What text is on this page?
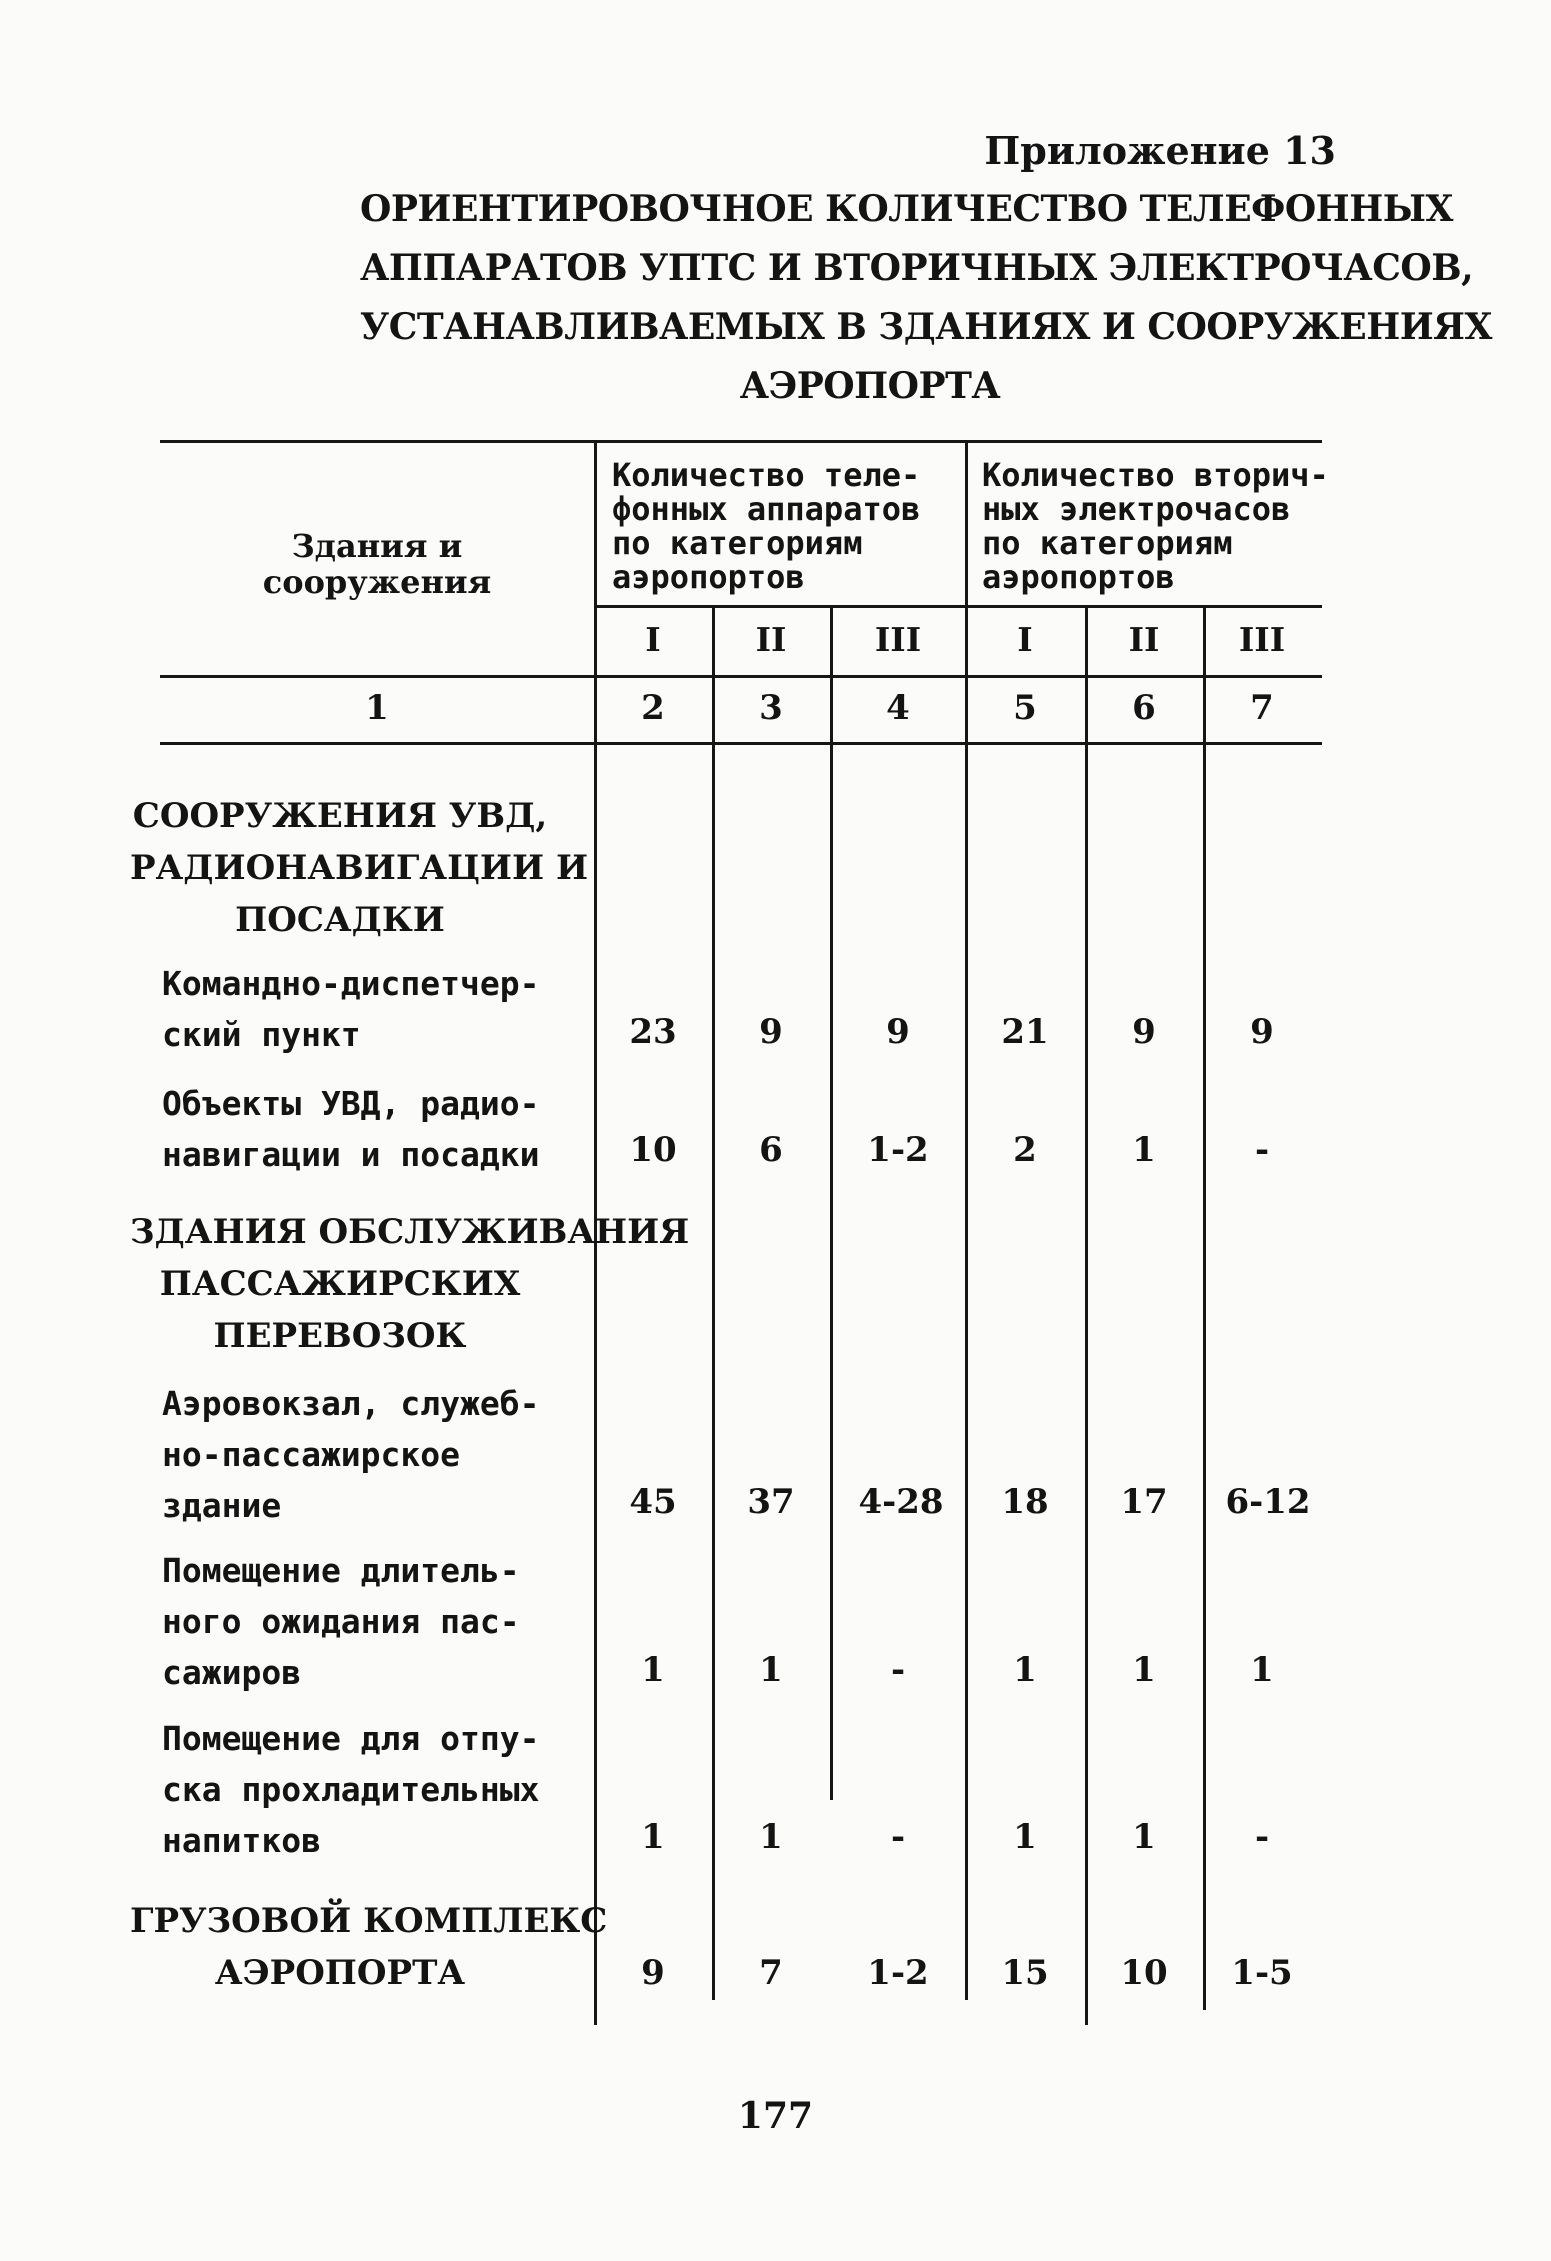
Приложение 13
ОРИЕНТИРОВОЧНОЕ КОЛИЧЕСТВО ТЕЛЕФОННЫХ
АППАРАТОВ УПТС И ВТОРИЧНЫХ ЭЛЕКТРОЧАСОВ,
УСТАНАВЛИВАЕМЫХ В ЗДАНИЯХ И СООРУЖЕНИЯХ
АЭРОПОРТА
Здания и
сооружения
Количество теле-
фонных аппаратов
по категориям
аэропортов
Количество вторич-
ных электрочасов
по категориям
аэропортов
I	II	III	I	II	III
1	2	3	4	5	6	7
СООРУЖЕНИЯ УВД,
РАДИОНАВИГАЦИИ И
ПОСАДКИ
Командно-диспетчер-
ский пункт	23	9	9	21	9	9
Объекты УВД, радио-
навигации и посадки	10	6	1-2	2	1	-
ЗДАНИЯ ОБСЛУЖИВАНИЯ
ПАССАЖИРСКИХ
ПЕРЕВОЗОК
Аэровокзал, служеб-
но-пассажирское
здание	45	37	4-28	18	17	6-12
Помещение длитель-
ного ожидания пас-
сажиров	1	1	-	1	1	1
Помещение для отпу-
ска прохладительных
напитков	1	1	-	1	1	-
ГРУЗОВОЙ КОМПЛЕКС
АЭРОПОРТА	9	7	1-2	15	10	1-5
177
